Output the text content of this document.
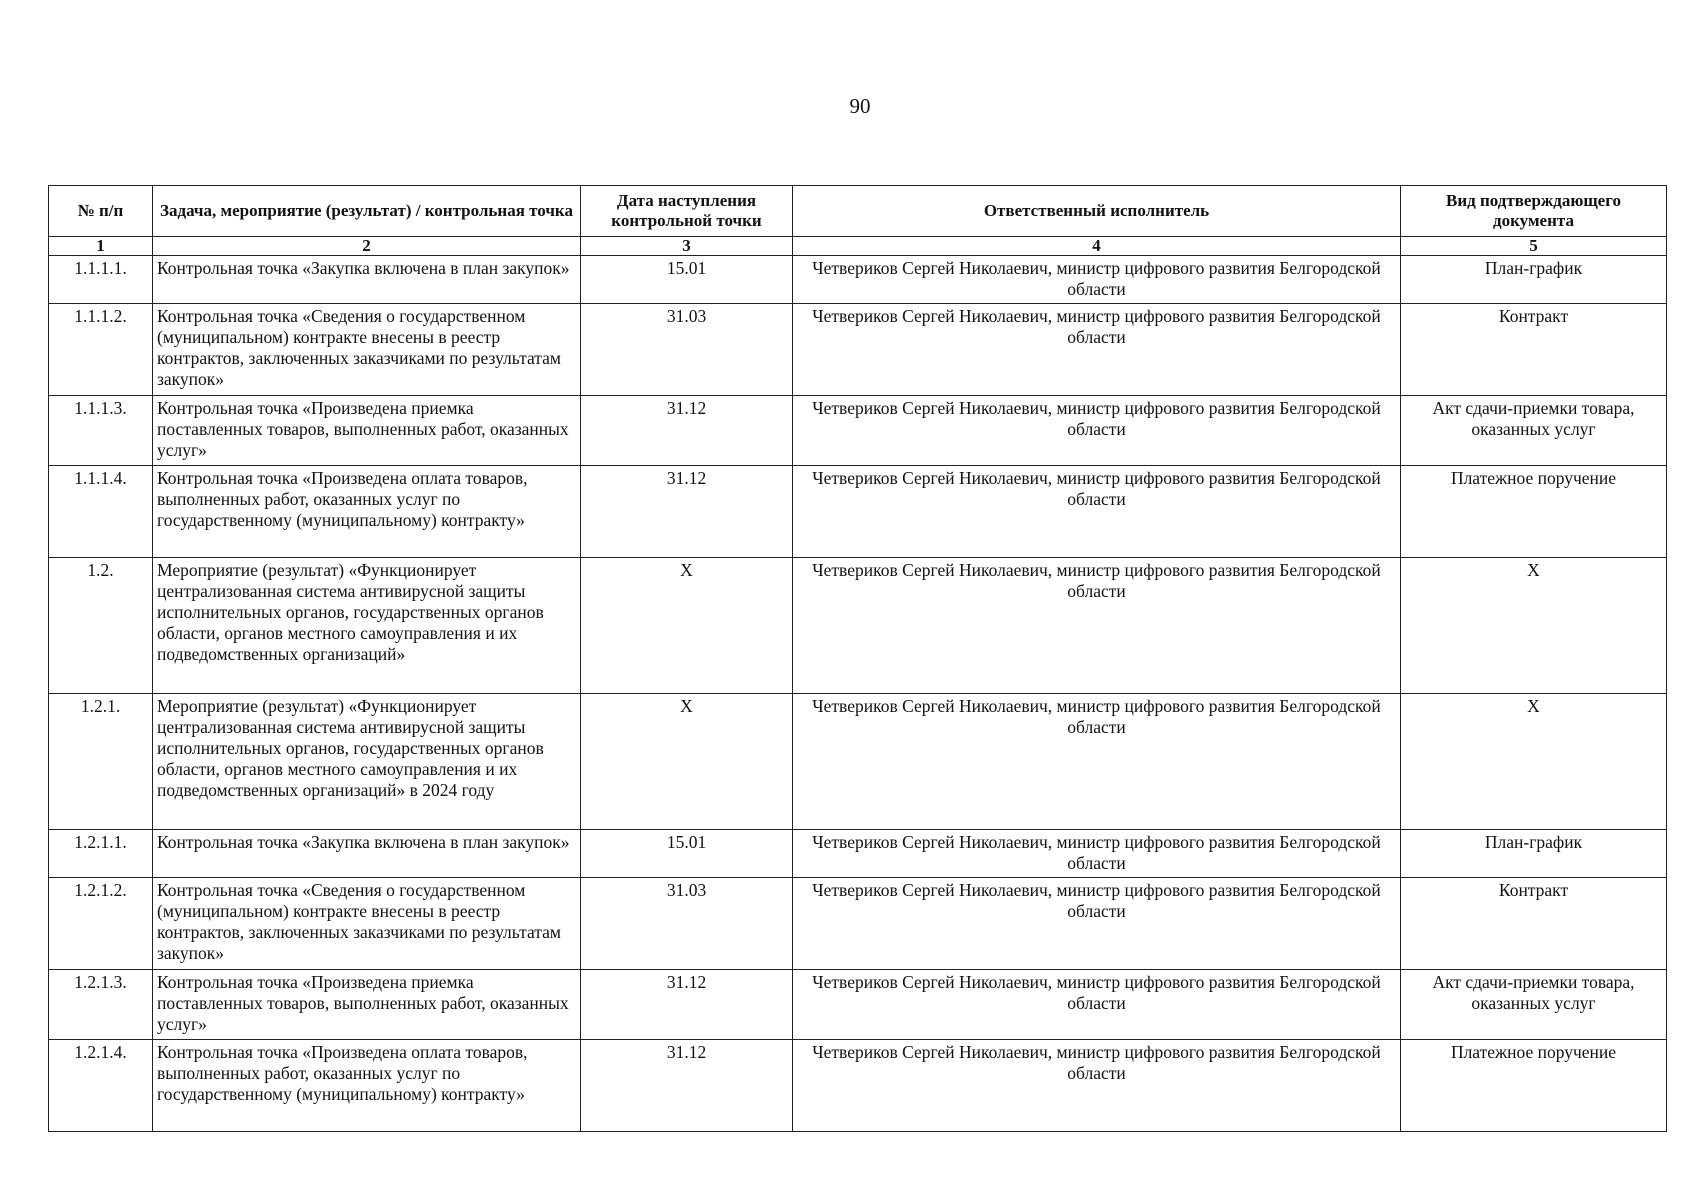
90
№ п/п	Задача, мероприятие (результат) / контрольная точка	Дата наступления контрольной точки	Ответственный исполнитель	Вид подтверждающего документа
1	2	3	4	5
1.1.1.1.	Контрольная точка «Закупка включена в план закупок»	15.01	Четвериков Сергей Николаевич, министр цифрового развития Белгородской области	План-график
1.1.1.2.	Контрольная точка «Сведения о государственном (муниципальном) контракте внесены в реестр контрактов, заключенных заказчиками по результатам закупок»	31.03	Четвериков Сергей Николаевич, министр цифрового развития Белгородской области	Контракт
1.1.1.3.	Контрольная точка «Произведена приемка поставленных товаров, выполненных работ, оказанных услуг»	31.12	Четвериков Сергей Николаевич, министр цифрового развития Белгородской области	Акт сдачи-приемки товара, оказанных услуг
1.1.1.4.	Контрольная точка «Произведена оплата товаров, выполненных работ, оказанных услуг по государственному (муниципальному) контракту»	31.12	Четвериков Сергей Николаевич, министр цифрового развития Белгородской области	Платежное поручение
1.2.	Мероприятие (результат) «Функционирует централизованная система антивирусной защиты исполнительных органов, государственных органов области, органов местного самоуправления и их подведомственных организаций»	X	Четвериков Сергей Николаевич, министр цифрового развития Белгородской области	X
1.2.1.	Мероприятие (результат) «Функционирует централизованная система антивирусной защиты исполнительных органов, государственных органов области, органов местного самоуправления и их подведомственных организаций» в 2024 году	X	Четвериков Сергей Николаевич, министр цифрового развития Белгородской области	X
1.2.1.1.	Контрольная точка «Закупка включена в план закупок»	15.01	Четвериков Сергей Николаевич, министр цифрового развития Белгородской области	План-график
1.2.1.2.	Контрольная точка «Сведения о государственном (муниципальном) контракте внесены в реестр контрактов, заключенных заказчиками по результатам закупок»	31.03	Четвериков Сергей Николаевич, министр цифрового развития Белгородской области	Контракт
1.2.1.3.	Контрольная точка «Произведена приемка поставленных товаров, выполненных работ, оказанных услуг»	31.12	Четвериков Сергей Николаевич, министр цифрового развития Белгородской области	Акт сдачи-приемки товара, оказанных услуг
1.2.1.4.	Контрольная точка «Произведена оплата товаров, выполненных работ, оказанных услуг по государственному (муниципальному) контракту»	31.12	Четвериков Сергей Николаевич, министр цифрового развития Белгородской области	Платежное поручение
